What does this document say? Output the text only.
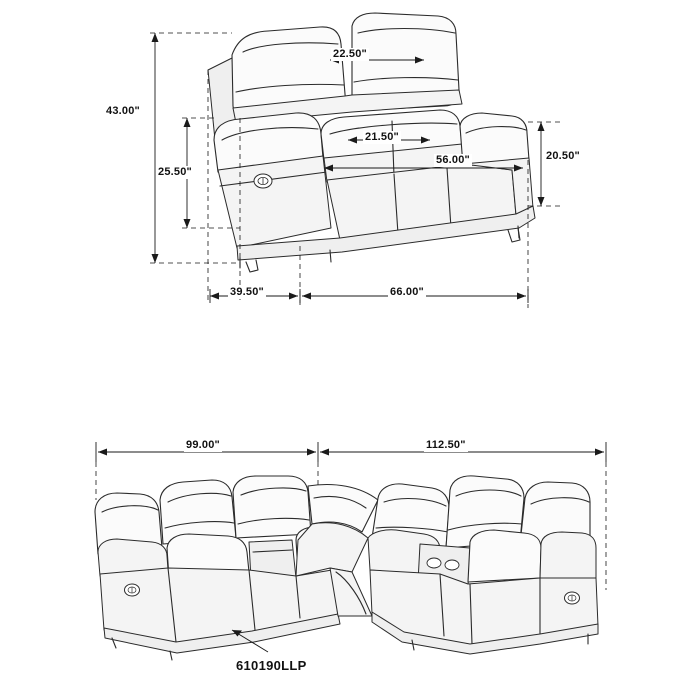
43.00"
25.50"
22.50"
21.50"
56.00"	20.50"
39.50"	66.00"
99.00"	112.50"
610190LLP
